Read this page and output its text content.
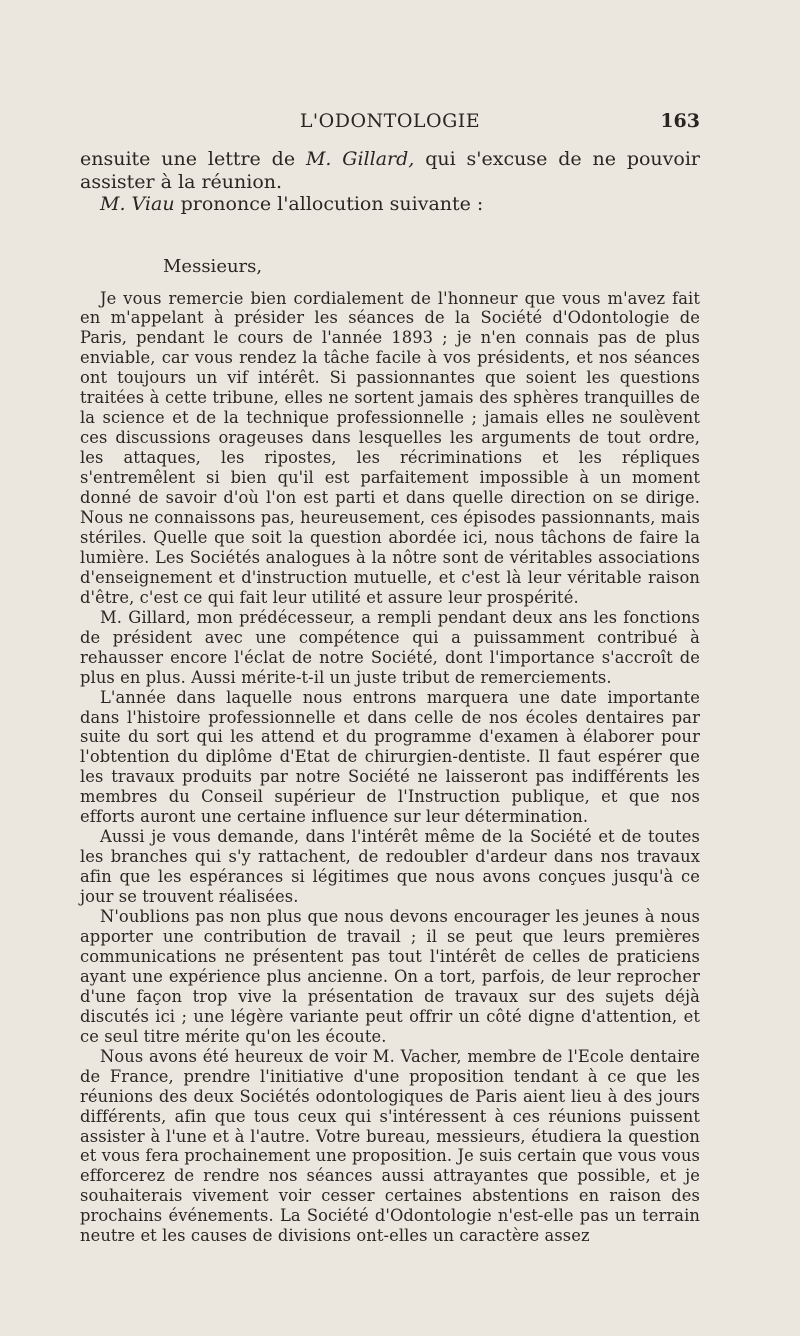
L'ODONTOLOGIE	163

ensuite une lettre de M. Gillard, qui s'excuse de ne pouvoir assister à la réunion.

M. Viau prononce l'allocution suivante :

Messieurs,

Je vous remercie bien cordialement de l'honneur que vous m'avez fait en m'appelant à présider les séances de la Société d'Odontologie de Paris, pendant le cours de l'année 1893 ; je n'en connais pas de plus enviable, car vous rendez la tâche facile à vos présidents, et nos séances ont toujours un vif intérêt. Si passionnantes que soient les questions traitées à cette tribune, elles ne sortent jamais des sphères tranquilles de la science et de la technique professionnelle ; jamais elles ne soulèvent ces discussions orageuses dans lesquelles les arguments de tout ordre, les attaques, les ripostes, les récriminations et les répliques s'entremêlent si bien qu'il est parfaitement impossible à un moment donné de savoir d'où l'on est parti et dans quelle direction on se dirige. Nous ne connaissons pas, heureusement, ces épisodes passionnants, mais stériles. Quelle que soit la question abordée ici, nous tâchons de faire la lumière. Les Sociétés analogues à la nôtre sont de véritables associations d'enseignement et d'instruction mutuelle, et c'est là leur véritable raison d'être, c'est ce qui fait leur utilité et assure leur prospérité.

M. Gillard, mon prédécesseur, a rempli pendant deux ans les fonctions de président avec une compétence qui a puissamment contribué à rehausser encore l'éclat de notre Société, dont l'importance s'accroît de plus en plus. Aussi mérite-t-il un juste tribut de remerciements.

L'année dans laquelle nous entrons marquera une date importante dans l'histoire professionnelle et dans celle de nos écoles dentaires par suite du sort qui les attend et du programme d'examen à élaborer pour l'obtention du diplôme d'Etat de chirurgien-dentiste. Il faut espérer que les travaux produits par notre Société ne laisseront pas indifférents les membres du Conseil supérieur de l'Instruction publique, et que nos efforts auront une certaine influence sur leur détermination.

Aussi je vous demande, dans l'intérêt même de la Société et de toutes les branches qui s'y rattachent, de redoubler d'ardeur dans nos travaux afin que les espérances si légitimes que nous avons conçues jusqu'à ce jour se trouvent réalisées.

N'oublions pas non plus que nous devons encourager les jeunes à nous apporter une contribution de travail ; il se peut que leurs premières communications ne présentent pas tout l'intérêt de celles de praticiens ayant une expérience plus ancienne. On a tort, parfois, de leur reprocher d'une façon trop vive la présentation de travaux sur des sujets déjà discutés ici ; une légère variante peut offrir un côté digne d'attention, et ce seul titre mérite qu'on les écoute.

Nous avons été heureux de voir M. Vacher, membre de l'Ecole dentaire de France, prendre l'initiative d'une proposition tendant à ce que les réunions des deux Sociétés odontologiques de Paris aient lieu à des jours différents, afin que tous ceux qui s'intéressent à ces réunions puissent assister à l'une et à l'autre. Votre bureau, messieurs, étudiera la question et vous fera prochainement une proposition. Je suis certain que vous vous efforcerez de rendre nos séances aussi attrayantes que possible, et je souhaiterais vivement voir cesser certaines abstentions en raison des prochains événements. La Société d'Odontologie n'est-elle pas un terrain neutre et les causes de divisions ont-elles un caractère assez
